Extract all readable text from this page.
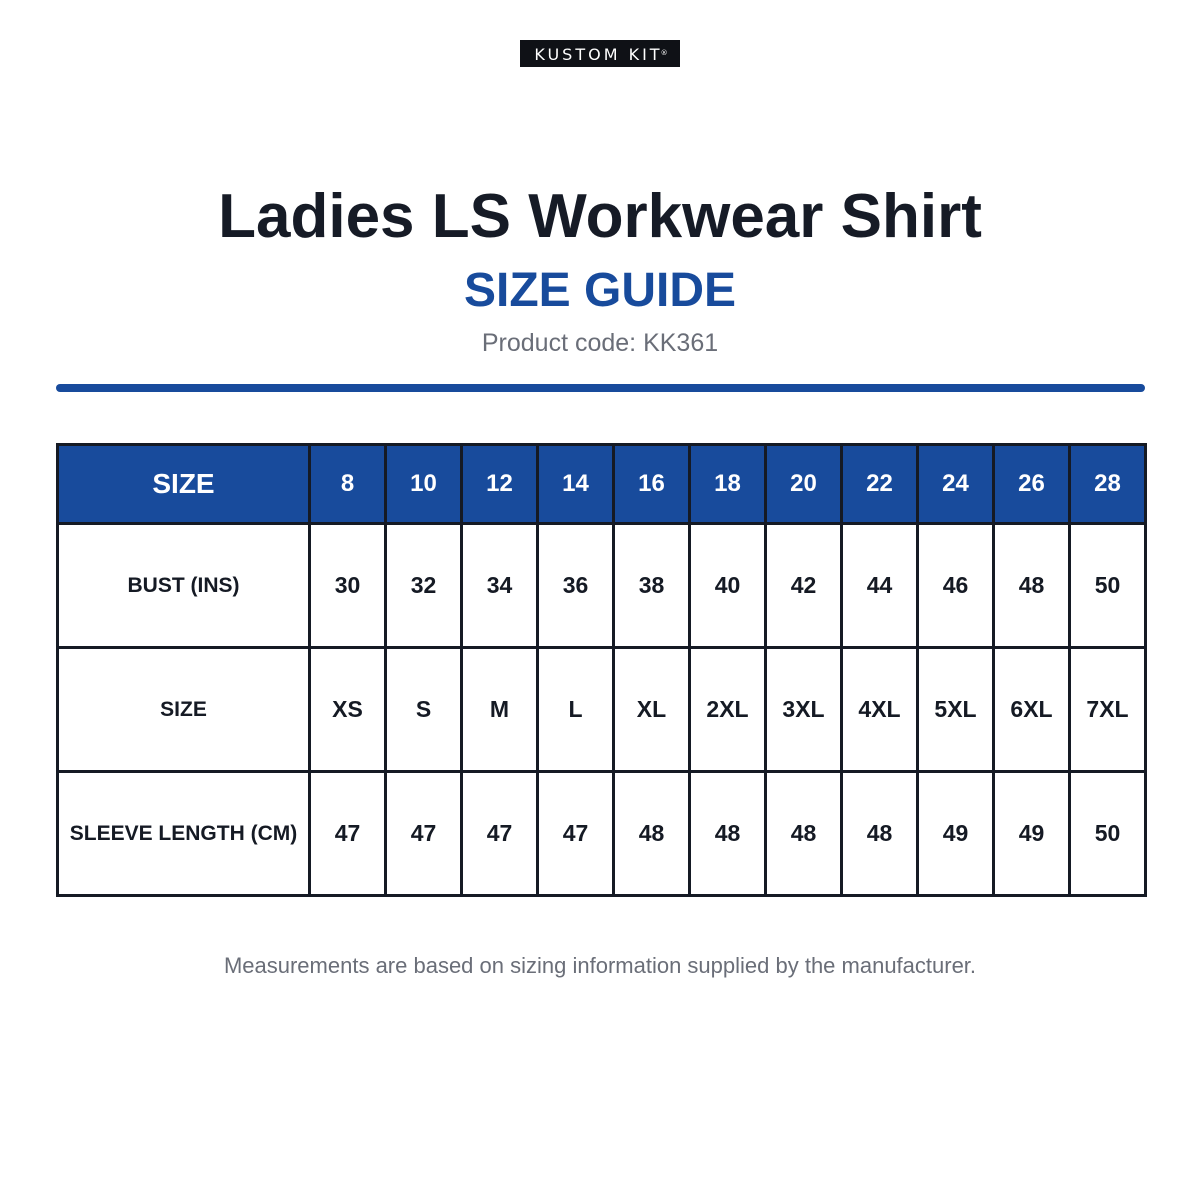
KUSTOM KIT®
Ladies LS Workwear Shirt
SIZE GUIDE
Product code: KK361
SIZE	8	10	12	14	16	18	20	22	24	26	28
BUST (INS)	30	32	34	36	38	40	42	44	46	48	50
SIZE	XS	S	M	L	XL	2XL	3XL	4XL	5XL	6XL	7XL
SLEEVE LENGTH (CM)	47	47	47	47	48	48	48	48	49	49	50
Measurements are based on sizing information supplied by the manufacturer.
